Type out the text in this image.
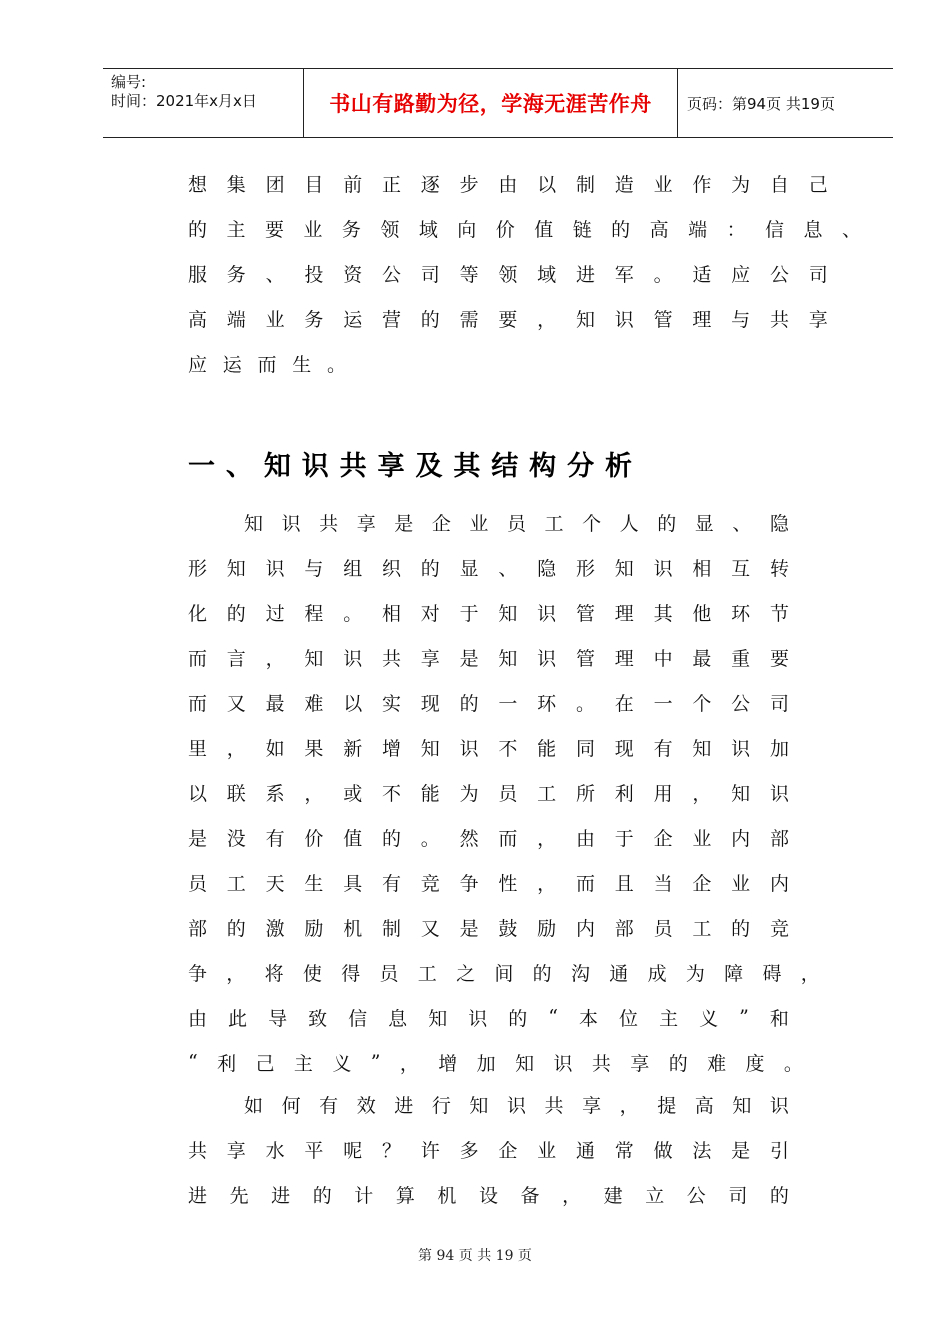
编号:
时间：2021年x月x日	书山有路勤为径，学海无涯苦作舟	页码：第94页 共19页
想 集 团 目 前 正 逐 步 由 以 制 造 业 作 为 自 己
的 主 要 业 务 领 域 向 价 值 链 的 高 端 ： 信 息 、
服 务 、 投 资 公 司 等 领 域 进 军 。 适 应 公 司
高 端 业 务 运 营 的 需 要 ， 知 识 管 理 与 共 享
应 运 而 生 。
一 、 知 识 共 享 及 其 结 构 分 析
知 识 共 享 是 企 业 员 工 个 人 的 显 、 隐
形 知 识 与 组 织 的 显 、 隐 形 知 识 相 互 转
化 的 过 程 。 相 对 于 知 识 管 理 其 他 环 节
而 言 ， 知 识 共 享 是 知 识 管 理 中 最 重 要
而 又 最 难 以 实 现 的 一 环 。 在 一 个 公 司
里 ， 如 果 新 增 知 识 不 能 同 现 有 知 识 加
以 联 系 ， 或 不 能 为 员 工 所 利 用 ， 知 识
是 没 有 价 值 的 。 然 而 ， 由 于 企 业 内 部
员 工 天 生 具 有 竞 争 性 ， 而 且 当 企 业 内
部 的 激 励 机 制 又 是 鼓 励 内 部 员 工 的 竞
争 ， 将 使 得 员 工 之 间 的 沟 通 成 为 障 碍 ，
由 此 导 致 信 息 知 识 的 “ 本 位 主 义 ” 和
“ 利 己 主 义 ” ， 增 加 知 识 共 享 的 难 度 。
如 何 有 效 进 行 知 识 共 享 ， 提 高 知 识
共 享 水 平 呢 ？ 许 多 企 业 通 常 做 法 是 引
进 先 进 的 计 算 机 设 备 ， 建 立 公 司 的
第 94 页 共 19 页
